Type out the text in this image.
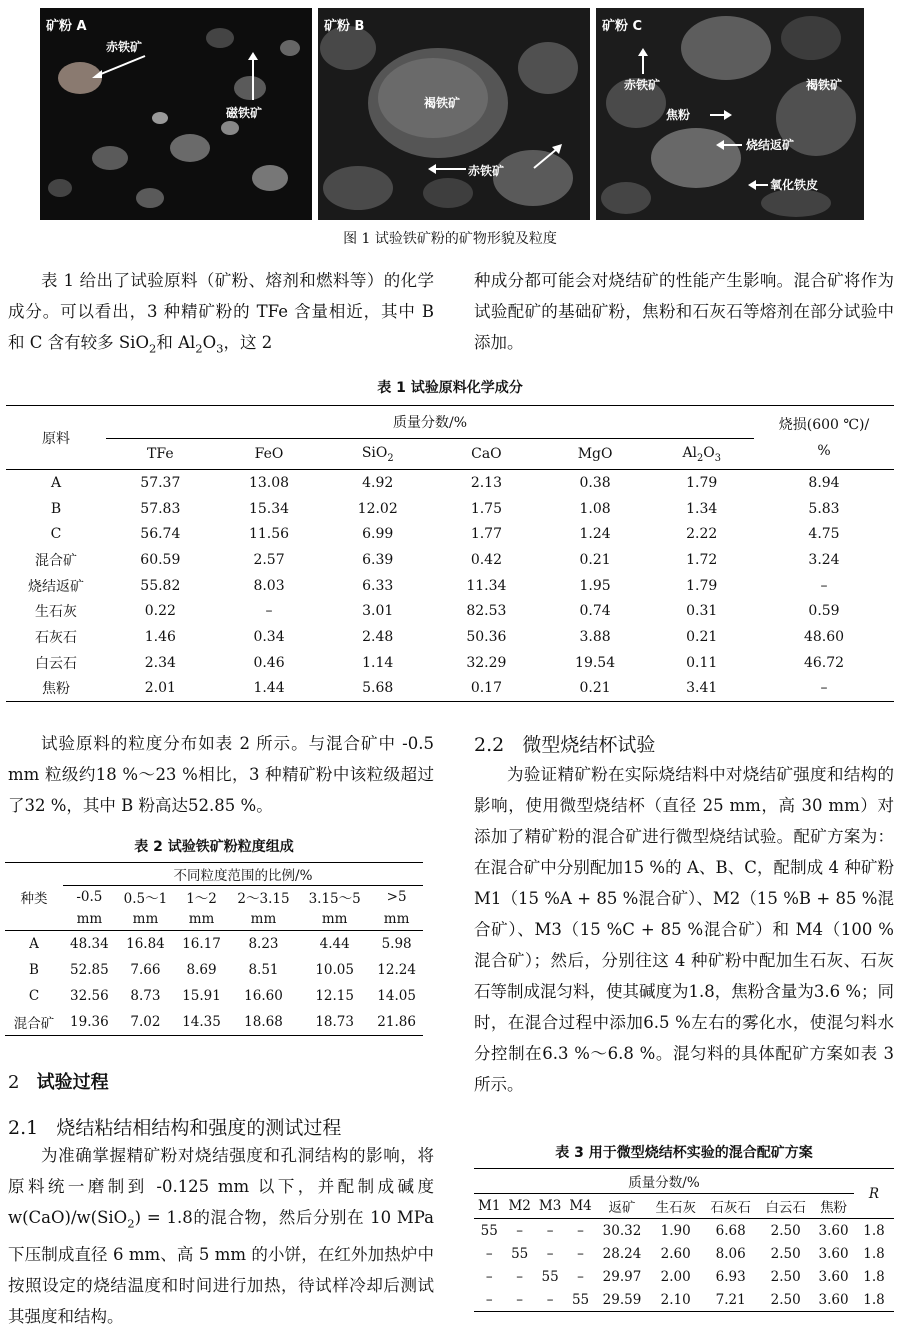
矿粉 A
赤铁矿
磁铁矿
矿粉 B
褐铁矿
赤铁矿
矿粉 C
赤铁矿	褐铁矿
焦粉
烧结返矿
氧化铁皮
图 1 试验铁矿粉的矿物形貌及粒度

表 1 给出了试验原料（矿粉、熔剂和燃料等）的化学成分。可以看出，3 种精矿粉的 TFe 含量相近，其中 B 和 C 含有较多 SiO$_2$和 $Al_2O_3$，这 2

种成分都可能会对烧结矿的性能产生影响。混合矿将作为试验配矿的基础矿粉，焦粉和石灰石等熔剂在部分试验中添加。

表 1 试验原料化学成分
原料	质量分数/%						烧损(600 ℃)/
%
	TFe	FeO	SiO$_2$	CaO	MgO	$Al_2O_3$
A	57.37	13.08	4.92	2.13	0.38	1.79	8.94
B	57.83	15.34	12.02	1.75	1.08	1.34	5.83
C	56.74	11.56	6.99	1.77	1.24	2.22	4.75
混合矿	60.59	2.57	6.39	0.42	0.21	1.72	3.24
烧结返矿	55.82	8.03	6.33	11.34	1.95	1.79	–
生石灰	0.22	–	3.01	82.53	0.74	0.31	0.59
石灰石	1.46	0.34	2.48	50.36	3.88	0.21	48.60
白云石	2.34	0.46	1.14	32.29	19.54	0.11	46.72
焦粉	2.01	1.44	5.68	0.17	0.21	3.41	–

试验原料的粒度分布如表 2 所示。与混合矿中 -0.5 mm 粒级约18 %～23 %相比，3 种精矿粉中该粒级超过了32 %，其中 B 粉高达52.85 %。

表 2 试验铁矿粉粒度组成
种类	不同粒度范围的比例/%					
	-0.5	0.5～1	1～2	2～3.15	3.15～5	>5
	mm	mm	mm	mm	mm	mm
A	48.34	16.84	16.17	8.23	4.44	5.98
B	52.85	7.66	8.69	8.51	10.05	12.24
C	32.56	8.73	15.91	16.60	12.15	14.05
混合矿	19.36	7.02	14.35	18.68	18.73	21.86
2 试验过程
2.1 烧结粘结相结构和强度的测试过程

为准确掌握精矿粉对烧结强度和孔洞结构的影响，将原料统一磨制到 -0.125 mm 以下，并配制成碱度 w(CaO)/w(SiO$_2$) = 1.8的混合物，然后分别在 10 MPa 下压制成直径 6 mm、高 5 mm 的小饼，在红外加热炉中按照设定的烧结温度和时间进行加热，待试样冷却后测试其强度和结构。

2.2 微型烧结杯试验

为验证精矿粉在实际烧结料中对烧结矿强度和结构的影响，使用微型烧结杯（直径 25 mm，高 30 mm）对添加了精矿粉的混合矿进行微型烧结试验。配矿方案为：在混合矿中分别配加15 %的 A、B、C，配制成 4 种矿粉 M1（15 %A + 85 %混合矿）、M2（15 %B + 85 %混合矿）、M3（15 %C + 85 %混合矿）和 M4（100 %混合矿）；然后，分别往这 4 种矿粉中配加生石灰、石灰石等制成混匀料，使其碱度为1.8，焦粉含量为3.6 %；同时，在混合过程中添加6.5 %左右的雾化水，使混匀料水分控制在6.3 %～6.8 %。混匀料的具体配矿方案如表 3 所示。

表 3 用于微型烧结杯实验的混合配矿方案
质量分数/%									R
M1	M2	M3	M4	返矿	生石灰	石灰石	白云石	焦粉	
55	–	–	–	30.32	1.90	6.68	2.50	3.60	1.8
–	55	–	–	28.24	2.60	8.06	2.50	3.60	1.8
–	–	55	–	29.97	2.00	6.93	2.50	3.60	1.8
–	–	–	55	29.59	2.10	7.21	2.50	3.60	1.8
